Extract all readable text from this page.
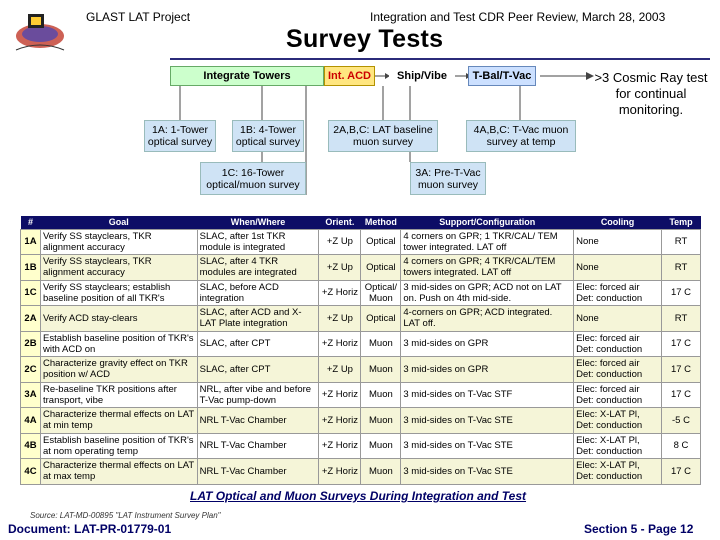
GLAST LAT Project	Integration and Test CDR Peer Review, March 28, 2003
Survey Tests
Integrate Towers	Int. ACD	Ship/Vibe	T-Bal/T-Vac	>3 Cosmic Ray test for continual monitoring.
1A: 1-Tower optical survey
1B: 4-Tower optical survey
2A,B,C: LAT baseline muon survey
4A,B,C: T-Vac muon survey at temp
1C: 16-Tower optical/muon survey
3A: Pre-T-Vac muon survey
#	Goal	When/Where	Orient.	Method	Support/Configuration	Cooling	Temp
1A	Verify SS stayclears, TKR alignment accuracy	SLAC, after 1st TKR module is integrated	+Z Up	Optical	4 corners on GPR; 1 TKR/CAL/ TEM tower integrated. LAT off	None	RT
1B	Verify SS stayclears, TKR alignment accuracy	SLAC, after 4 TKR modules are integrated	+Z Up	Optical	4 corners on GPR; 4 TKR/CAL/TEM towers integrated. LAT off	None	RT
1C	Verify SS stayclears; establish baseline position of all TKR's	SLAC, before ACD integration	+Z Horiz	Optical/ Muon	3 mid-sides on GPR; ACD not on LAT on. Push on 4th mid-side.	Elec: forced air Det: conduction	17 C
2A	Verify ACD stay-clears	SLAC, after ACD and X-LAT Plate integration	+Z Up	Optical	4-corners on GPR; ACD integrated. LAT off.	None	RT
2B	Establish baseline position of TKR's with ACD on	SLAC, after CPT	+Z Horiz	Muon	3 mid-sides on GPR	Elec: forced air Det: conduction	17 C
2C	Characterize gravity effect on TKR position w/ ACD	SLAC, after CPT	+Z Up	Muon	3 mid-sides on GPR	Elec: forced air Det: conduction	17 C
3A	Re-baseline TKR positions after transport, vibe	NRL, after vibe and before T-Vac pump-down	+Z Horiz	Muon	3 mid-sides on T-Vac STF	Elec: forced air Det: conduction	17 C
4A	Characterize thermal effects on LAT at min temp	NRL T-Vac Chamber	+Z Horiz	Muon	3 mid-sides on T-Vac STE	Elec: X-LAT Pl, Det: conduction	-5 C
4B	Establish baseline position of TKR's at nom operating temp	NRL T-Vac Chamber	+Z Horiz	Muon	3 mid-sides on T-Vac STE	Elec: X-LAT Pl, Det: conduction	8 C
4C	Characterize thermal effects on LAT at max temp	NRL T-Vac Chamber	+Z Horiz	Muon	3 mid-sides on T-Vac STE	Elec: X-LAT Pl, Det: conduction	17 C
LAT Optical and Muon Surveys During Integration and Test
Source: LAT-MD-00895 "LAT Instrument Survey Plan"
Document: LAT-PR-01779-01	Section 5 - Page 12
